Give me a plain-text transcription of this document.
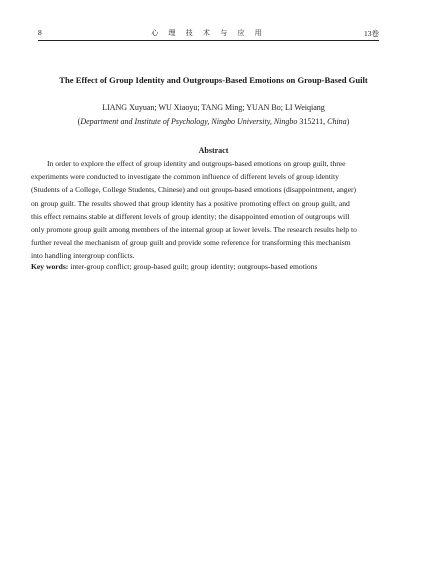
8	心 理 技 术 与 应 用	13卷
The Effect of Group Identity and Outgroups-Based Emotions on Group-Based Guilt
LIANG Xuyuan; WU Xiaoyu; TANG Ming; YUAN Bo; LI Weiqiang
(Department and Institute of Psychology, Ningbo University, Ningbo 315211, China)
Abstract
In order to explore the effect of group identity and outgroups-based emotions on group guilt, three
experiments were conducted to investigate the common influence of different levels of group identity
(Students of a College, College Students, Chinese) and out groups-based emotions (disappointment, anger)
on group guilt. The results showed that group identity has a positive promoting effect on group guilt, and
this effect remains stable at different levels of group identity; the disappointed emotion of outgroups will
only promote group guilt among members of the internal group at lower levels. The research results help to
further reveal the mechanism of group guilt and provide some reference for transforming this mechanism
into handling intergroup conflicts.
Key words: inter-group conflict; group-based guilt; group identity; outgroups-based emotions
